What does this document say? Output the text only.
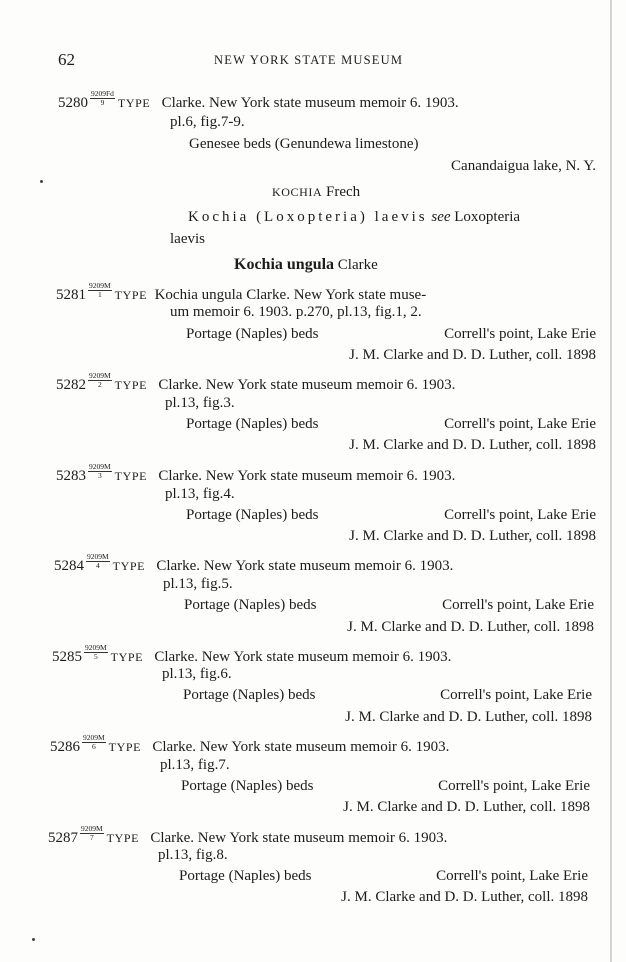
62	NEW YORK STATE MUSEUM
$5280 \frac{9209Fd}{9}$ TYPE Clarke. New York state museum memoir 6. 1903.
pl.6, fig.7-9.
Genesee beds (Genundewa limestone)
Canandaigua lake, N. Y.
KOCHIA Frech
Kochia (Loxopteria) laevis see Loxopteria
laevis
Kochia ungula Clarke
$5281 \frac{9209M}{1}$ TYPE Kochia ungula Clarke. New York state muse-
um memoir 6. 1903. p.270, pl.13, fig.1, 2.
Portage (Naples) beds	Correll's point, Lake Erie
J. M. Clarke and D. D. Luther, coll. 1898
$5282 \frac{9209M}{2}$ TYPE Clarke. New York state museum memoir 6. 1903.
pl.13, fig.3.
Portage (Naples) beds	Correll's point, Lake Erie
J. M. Clarke and D. D. Luther, coll. 1898
$5283 \frac{9209M}{3}$ TYPE Clarke. New York state museum memoir 6. 1903.
pl.13, fig.4.
Portage (Naples) beds	Correll's point, Lake Erie
J. M. Clarke and D. D. Luther, coll. 1898
$5284 \frac{9209M}{4}$ TYPE Clarke. New York state museum memoir 6. 1903.
pl.13, fig.5.
Portage (Naples) beds	Correll's point, Lake Erie
J. M. Clarke and D. D. Luther, coll. 1898
$5285 \frac{9209M}{5}$ TYPE Clarke. New York state museum memoir 6. 1903.
pl.13, fig.6.
Portage (Naples) beds	Correll's point, Lake Erie
J. M. Clarke and D. D. Luther, coll. 1898
$5286 \frac{9209M}{6}$ TYPE Clarke. New York state museum memoir 6. 1903.
pl.13, fig.7.
Portage (Naples) beds	Correll's point, Lake Erie
J. M. Clarke and D. D. Luther, coll. 1898
$5287 \frac{9209M}{7}$ TYPE Clarke. New York state museum memoir 6. 1903.
pl.13, fig.8.
Portage (Naples) beds	Correll's point, Lake Erie
J. M. Clarke and D. D. Luther, coll. 1898
